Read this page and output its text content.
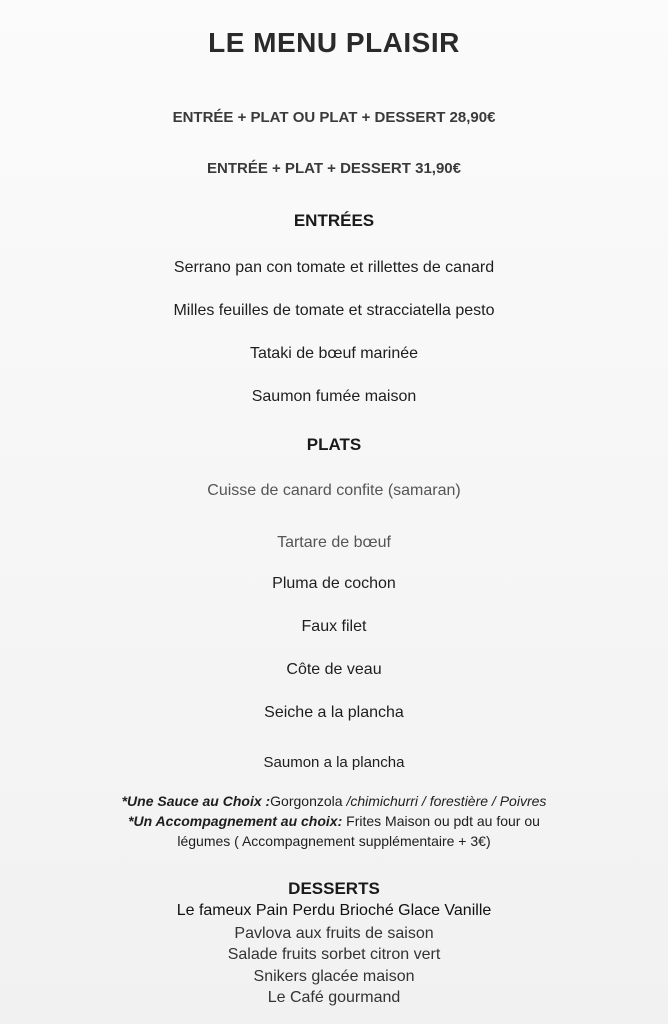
LE MENU PLAISIR
ENTRÉE + PLAT OU PLAT + DESSERT 28,90€
ENTRÉE + PLAT + DESSERT 31,90€
ENTRÉES
Serrano pan con tomate et rillettes de canard
Milles feuilles de tomate et stracciatella pesto
Tataki de bœuf marinée
Saumon fumée maison
PLATS
Cuisse de canard confite (samaran)
Tartare de bœuf
Pluma de cochon
Faux filet
Côte de veau
Seiche a la plancha
Saumon a la plancha
*Une Sauce au Choix :Gorgonzola /chimichurri / forestière / Poivres
*Un Accompagnement au choix: Frites Maison ou pdt au four ou
légumes ( Accompagnement supplémentaire + 3€)
DESSERTS
Le fameux Pain Perdu Brioché Glace Vanille
Pavlova aux fruits de saison
Salade fruits sorbet citron vert
Snikers glacée maison
Le Café gourmand
